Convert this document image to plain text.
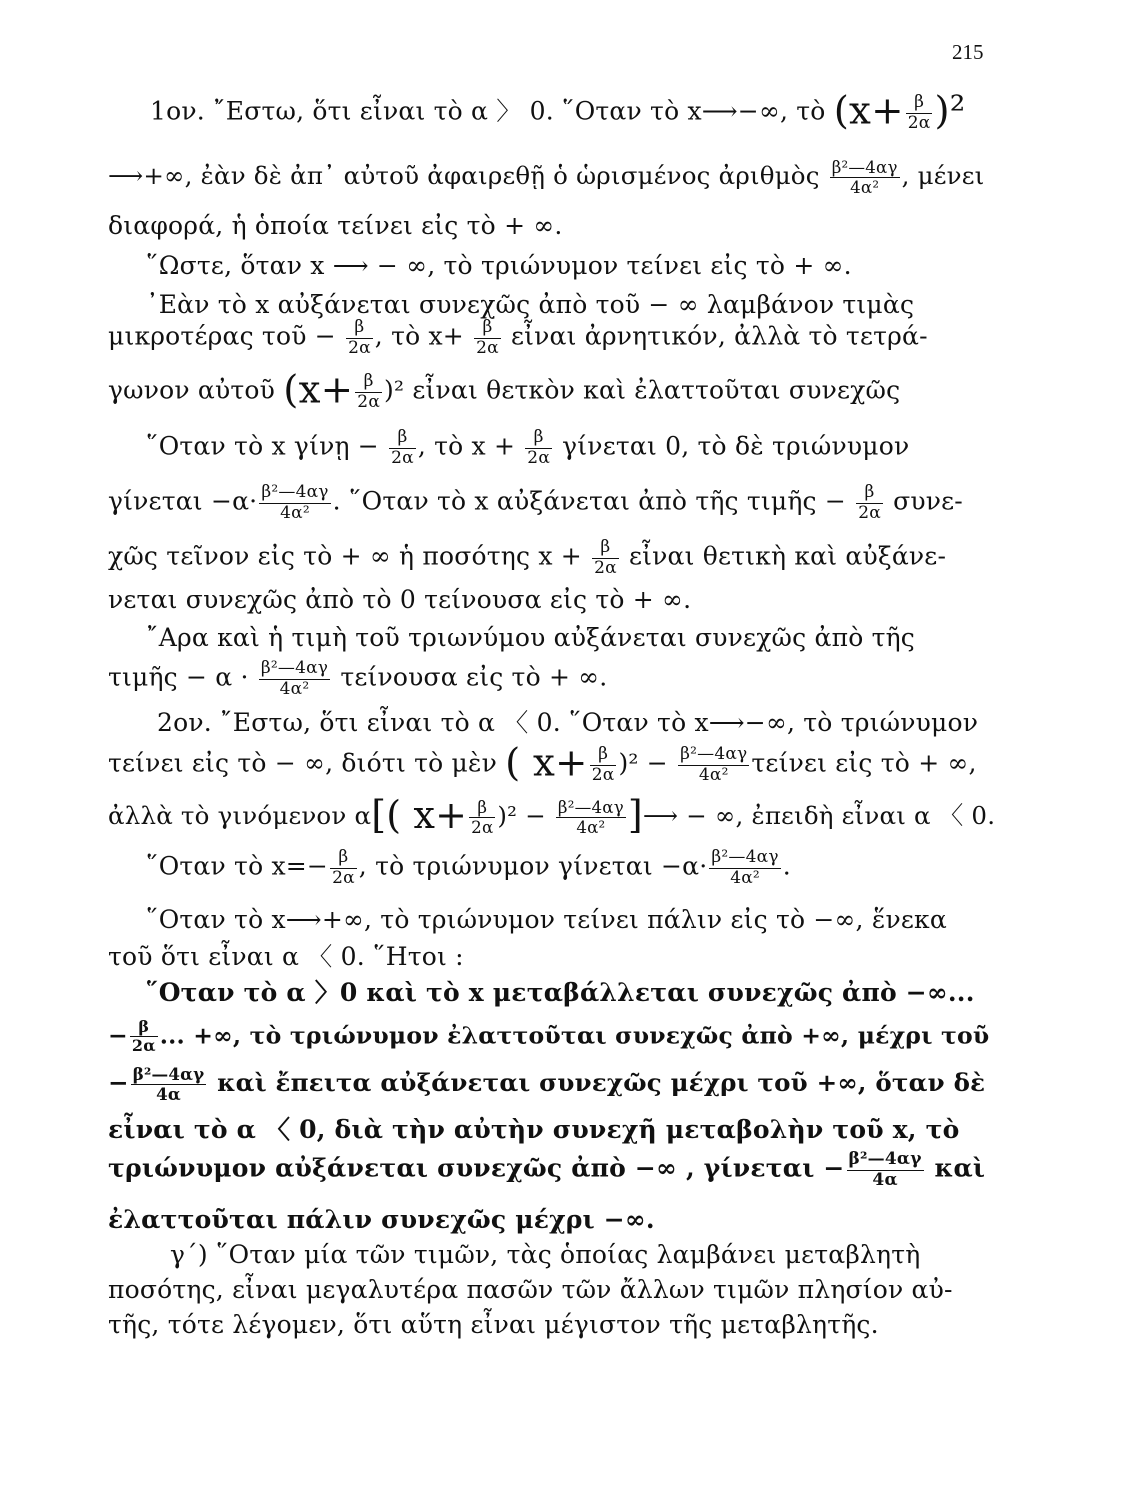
215
1ον. ῎Εστω, ὅτι εἶναι τὸ α 〉 0. ῞Οταν τὸ x⟶−∞, τὸ $(x+ \frac{\beta}{2\alpha} )^2$
⟶+∞, ἐὰν δὲ ἀπ᾽ αὐτοῦ ἀφαιρεθῇ ὁ ὡρισμένος ἀριθμὸς $\frac{\text{β²—4αγ}}{\text{4α²}}$ , μένει
διαφορά, ἡ ὁποία τείνει εἰς τὸ + ∞.
῞Ωστε, ὅταν x ⟶ − ∞, τὸ τριώνυμον τείνει εἰς τὸ + ∞.
᾽Εὰν τὸ x αὐξάνεται συνεχῶς ἀπὸ τοῦ − ∞ λαμβάνον τιμὰς
μικροτέρας τοῦ − $\frac{\beta}{2\alpha}$ , τὸ $x+ \frac{\beta}{2\alpha}$ εἶναι ἀρνητικόν, ἀλλὰ τὸ τετρά-
γωνον αὐτοῦ $(x+ \frac{\beta}{2\alpha} )^2$ εἶναι θετκὸν καὶ ἐλαττοῦται συνεχῶς
῞Οταν τὸ x γίνῃ − $\frac{\beta}{2\alpha}$ , τὸ $x + \frac{\beta}{2\alpha}$ γίνεται 0, τὸ δὲ τριώνυμον
$\gamma ί\nu\varepsilon\tau\alpha\iota -\alpha\cdot \frac{\text{β²—4αγ}}{\text{4α²}}$ . ῞Οταν τὸ x αὐξάνεται ἀπὸ τῆς τιμῆς − $\frac{\beta}{2\alpha} \sigma\upsilon\nu\varepsilon-$
χῶς τεῖνον εἰς τὸ + ∞ ἡ ποσότης $x + \frac{\beta}{2\alpha}$ εἶναι θετικὴ καὶ αὐξάνε-
νεται συνεχῶς ἀπὸ τὸ 0 τείνουσα εἰς τὸ + ∞.
῎Αρα καὶ ἡ τιμὴ τοῦ τριωνύμου αὐξάνεται συνεχῶς ἀπὸ τῆς
τιμῆς − $\alpha \cdot \frac{\text{β²—4αγ}}{\text{4α²}}$ τείνουσα εἰς τὸ + ∞.
2ον. ῎Εστω, ὅτι εἶναι τὸ α 〈 0. ῞Οταν τὸ x⟶−∞, τὸ τριώνυμον
τείνει εἰς τὸ − ∞, διότι τὸ μὲν ( $x+ \frac{\beta}{2\alpha} )^2 - \frac{\text{β²—4αγ}}{\text{4α²}}$ τείνει εἰς τὸ + ∞,
ἀλλὰ τὸ γινόμενον α[( $x+ \frac{\beta}{2\alpha} )^2 - \frac{\text{β²—4αγ}}{\text{4α²}}$ ]⟶ − ∞, ἐπειδὴ εἶναι α 〈 0.
῞Οταν τὸ $x=- \frac{\beta}{2\alpha}$ , τὸ τριώνυμον $\gamma ί\nu\varepsilon\tau\alpha\iota -\alpha\cdot \frac{\text{β²—4αγ}}{\text{4α²}}$ .
῞Οταν τὸ x⟶+∞, τὸ τριώνυμον τείνει πάλιν εἰς τὸ −∞, ἕνεκα
τοῦ ὅτι εἶναι α 〈 0. ῞Ητοι :
῞Οταν τὸ α 〉0 καὶ τὸ x μεταβάλλεται συνεχῶς ἀπὸ −∞...
− $\frac{\beta}{2\alpha}$ ... +∞, τὸ τριώνυμον ἐλαττοῦται συνεχῶς ἀπὸ +∞, μέχρι τοῦ
− $\frac{\text{β²—4αγ}}{4\alpha}$ καὶ ἔπειτα αὐξάνεται συνεχῶς μέχρι τοῦ +∞, ὅταν δὲ
εἶναι τὸ α 〈 0, διὰ τὴν αὐτὴν συνεχῆ μεταβολὴν τοῦ x, τὸ
τριώνυμον αὐξάνεται συνεχῶς ἀπὸ −∞ , $\gamma ί\nu\varepsilon\tau\alpha\iota - \frac{\text{β²—4αγ}}{4\alpha}$ καὶ
ἐλαττοῦται πάλιν συνεχῶς μέχρι −∞.
γ΄) ῞Οταν μία τῶν τιμῶν, τὰς ὁποίας λαμβάνει μεταβλητὴ
ποσότης, εἶναι μεγαλυτέρα πασῶν τῶν ἄλλων τιμῶν πλησίον αὐ-
τῆς, τότε λέγομεν, ὅτι αὕτη εἶναι μέγιστον τῆς μεταβλητῆς.
